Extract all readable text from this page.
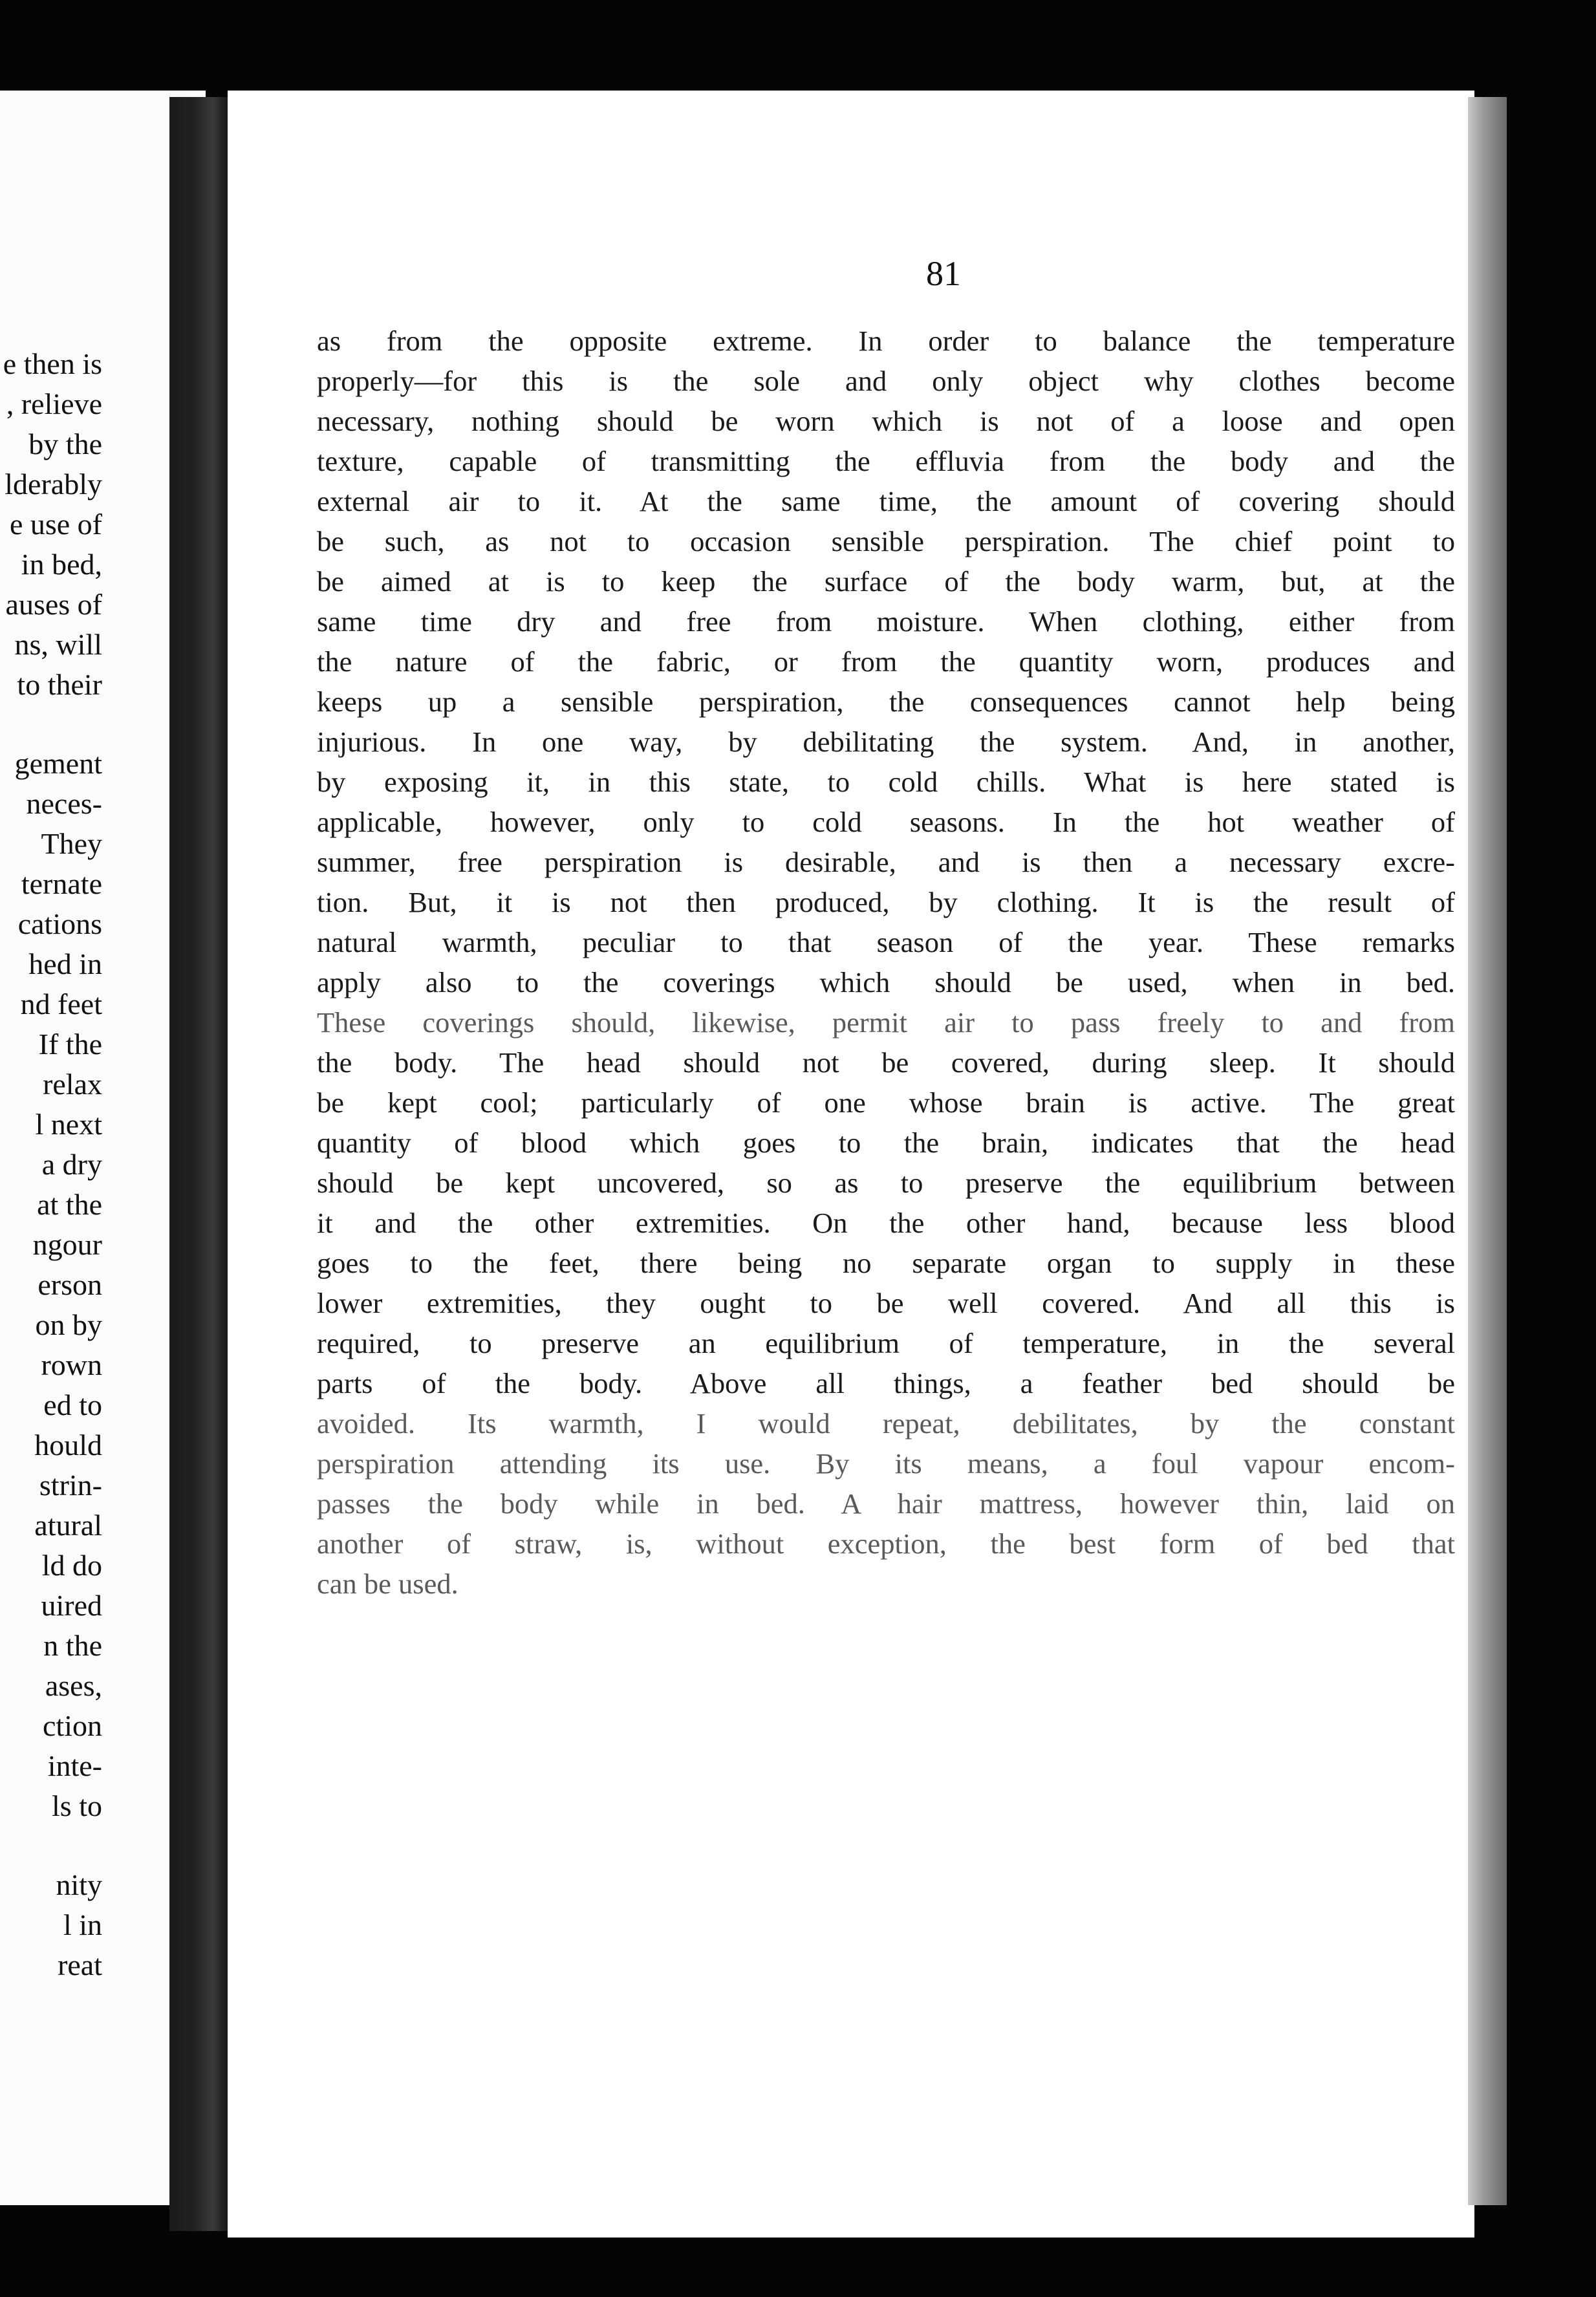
e then is
, relieve
by the
lderably
e use of
in bed,
auses of
ns, will
to their
gement
neces-
They
ternate
cations
hed in
nd feet
If the
relax
l next
a dry
at the
ngour
erson
on by
rown
ed to
hould
strin-
atural
ld do
uired
n the
ases,
ction
inte-
ls to
nity
l in
reat
81
as from the opposite extreme. In order to balance the temperature
properly—for this is the sole and only object why clothes become
necessary, nothing should be worn which is not of a loose and open
texture, capable of transmitting the effluvia from the body and the
external air to it. At the same time, the amount of covering should
be such, as not to occasion sensible perspiration. The chief point to
be aimed at is to keep the surface of the body warm, but, at the
same time dry and free from moisture. When clothing, either from
the nature of the fabric, or from the quantity worn, produces and
keeps up a sensible perspiration, the consequences cannot help being
injurious. In one way, by debilitating the system. And, in another,
by exposing it, in this state, to cold chills. What is here stated is
applicable, however, only to cold seasons. In the hot weather of
summer, free perspiration is desirable, and is then a necessary excre-
tion. But, it is not then produced, by clothing. It is the result of
natural warmth, peculiar to that season of the year. These remarks
apply also to the coverings which should be used, when in bed.
These coverings should, likewise, permit air to pass freely to and from
the body. The head should not be covered, during sleep. It should
be kept cool; particularly of one whose brain is active. The great
quantity of blood which goes to the brain, indicates that the head
should be kept uncovered, so as to preserve the equilibrium between
it and the other extremities. On the other hand, because less blood
goes to the feet, there being no separate organ to supply in these
lower extremities, they ought to be well covered. And all this is
required, to preserve an equilibrium of temperature, in the several
parts of the body. Above all things, a feather bed should be
avoided. Its warmth, I would repeat, debilitates, by the constant
perspiration attending its use. By its means, a foul vapour encom-
passes the body while in bed. A hair mattress, however thin, laid on
another of straw, is, without exception, the best form of bed that
can be used.
